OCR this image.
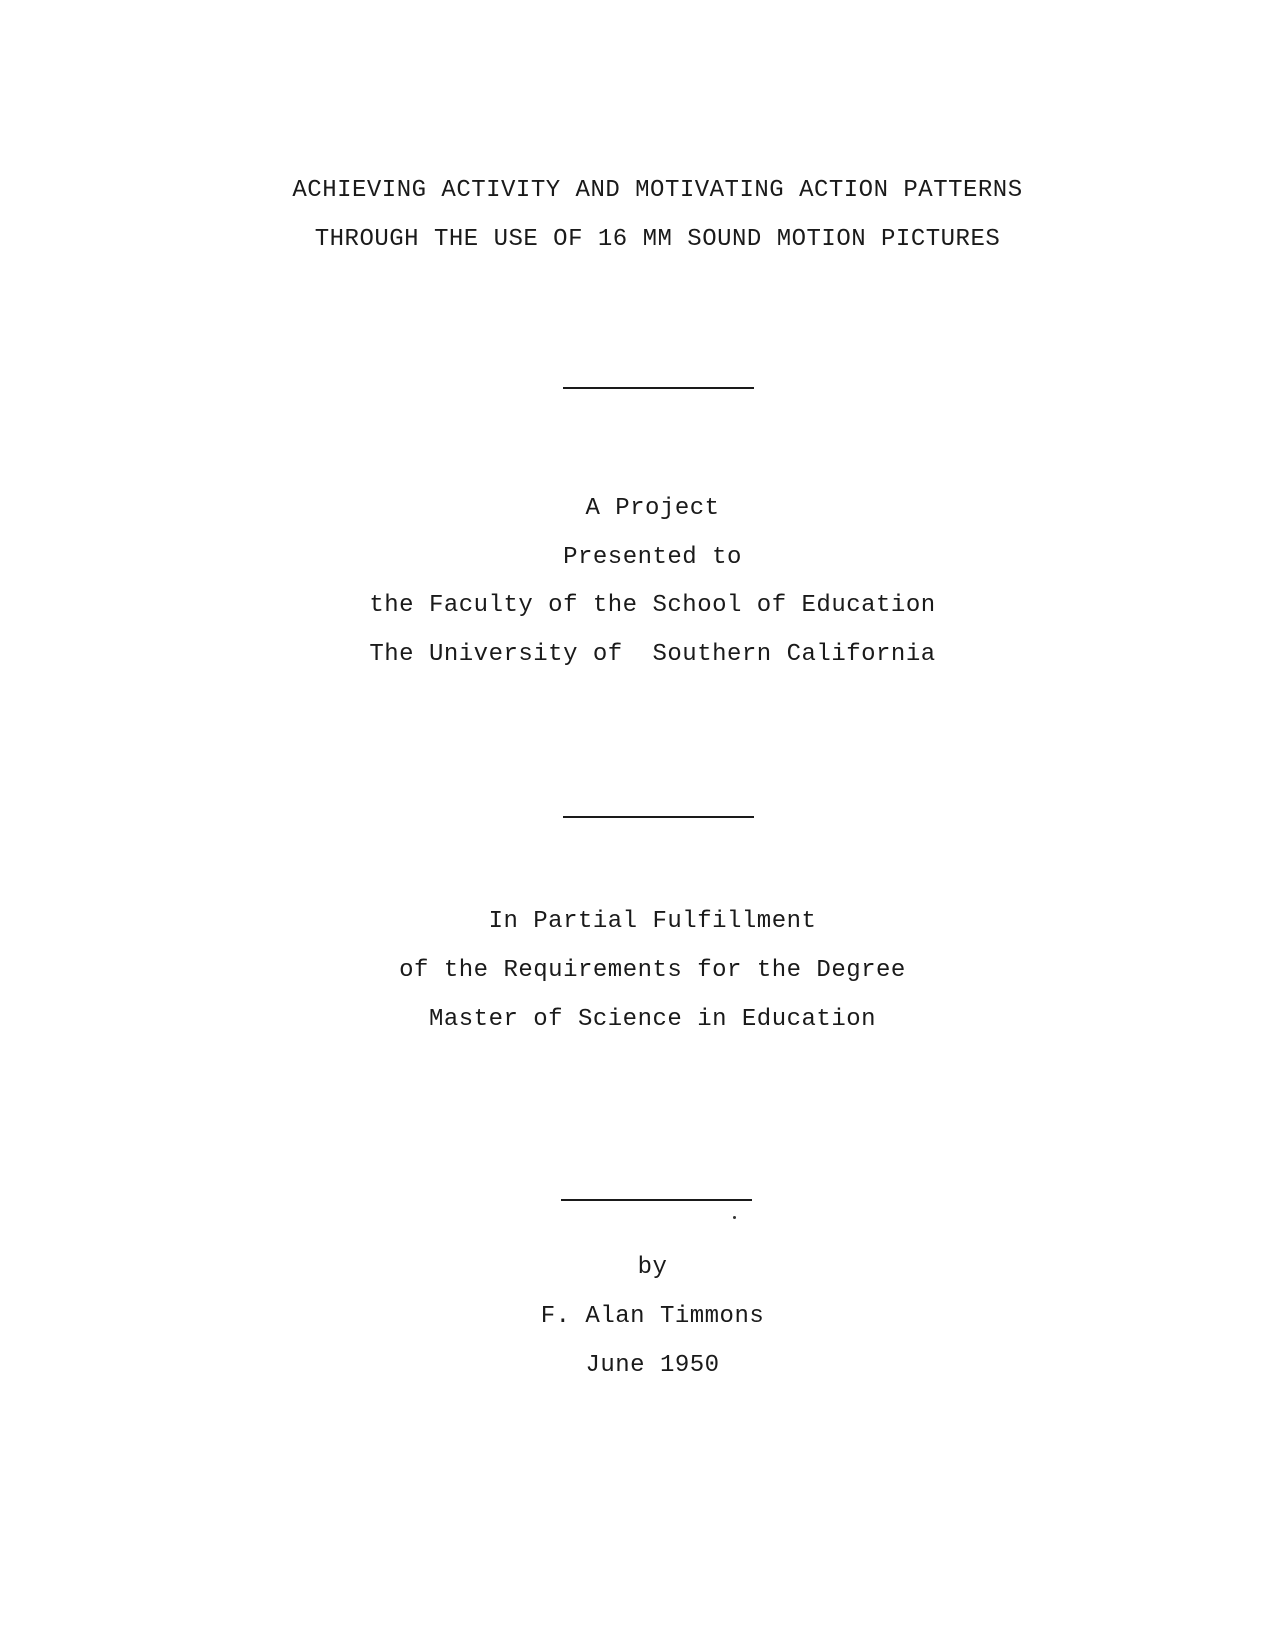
ACHIEVING ACTIVITY AND MOTIVATING ACTION PATTERNS
THROUGH THE USE OF 16 MM SOUND MOTION PICTURES
A Project
Presented to
the Faculty of the School of Education
The University of  Southern California
In Partial Fulfillment
of the Requirements for the Degree
Master of Science in Education
by
F. Alan Timmons
June 1950
